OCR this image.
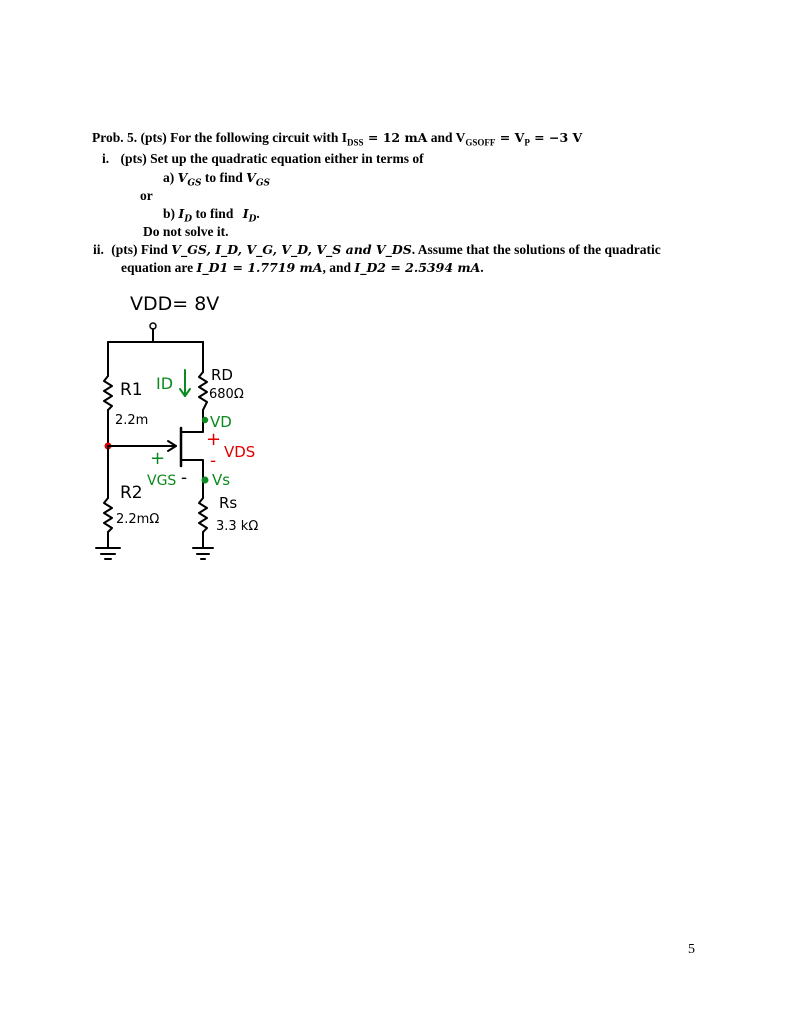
Prob. 5. (pts) For the following circuit with $I_{DSS} = 12$ mA and $V_{GSOFF} = V_P = -3$ V
i. (pts) Set up the quadratic equation either in terms of
a) $V_{GS}$ to find $V_{GS}$
or
b) $I_D$ to find $I_D$.
Do not solve it.
ii. (pts) Find V_GS, I_D, V_G, V_D, V_S and V_DS. Assume that the solutions of the quadratic
equation are I_D1 = 1.7719 mA, and I_D2 = 2.5394 mA.
VDD= 8V
R1
2.2m
R2
2.2mΩ
RD
680Ω
ID
VD
+
VDS
-
+
VGS - Vs
Rs
3.3 kΩ
5
